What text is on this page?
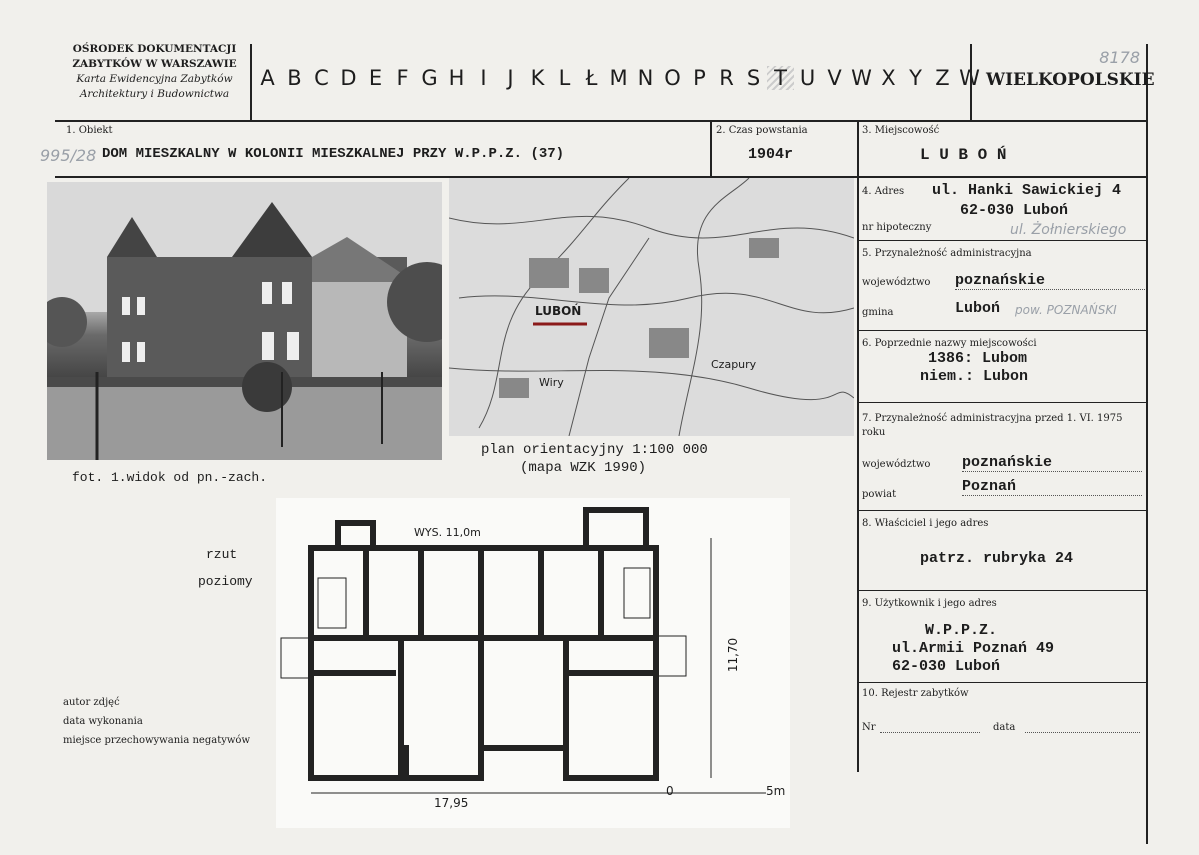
OŚRODEK DOKUMENTACJI
ZABYTKÓW W WARSZAWIE
Karta Ewidencyjna Zabytków
Architektury i Budownictwa
A B C D E F G H I J K L Ł M N O P R S T U V W X Y Z W WIELKOPOLSKIE
8178
1. Obiekt
995/28 DOM MIESZKALNY W KOLONII MIESZKALNEJ PRZY W.P.P.Z. (37)
2. Czas powstania
1904r
3. Miejscowość
L U B O Ń
fot. 1.widok od pn.-zach.
LUBOŃ
Czapury
Wiry
plan orientacyjny 1:100 000
(mapa WZK 1990)
rzut
poziomy
WYS. 11,0m
11,70
17,95
0	5m
autor zdjęć
data wykonania
miejsce przechowywania negatywów
4. Adres ul. Hanki Sawickiej 4
62-030 Luboń
nr hipoteczny	ul. Żołnierskiego
5. Przynależność administracyjna
województwo poznańskie
gmina	Luboń pow. POZNAŃSKI
6. Poprzednie nazwy miejscowości
1386: Lubom
niem.: Lubon
7. Przynależność administracyjna przed 1. VI. 1975 roku
województwo poznańskie
powiat	Poznań
8. Właściciel i jego adres
patrz. rubryka 24
9. Użytkownik i jego adres
W.P.P.Z.
ul.Armii Poznań 49
62-030 Luboń
10. Rejestr zabytków
Nr	data
